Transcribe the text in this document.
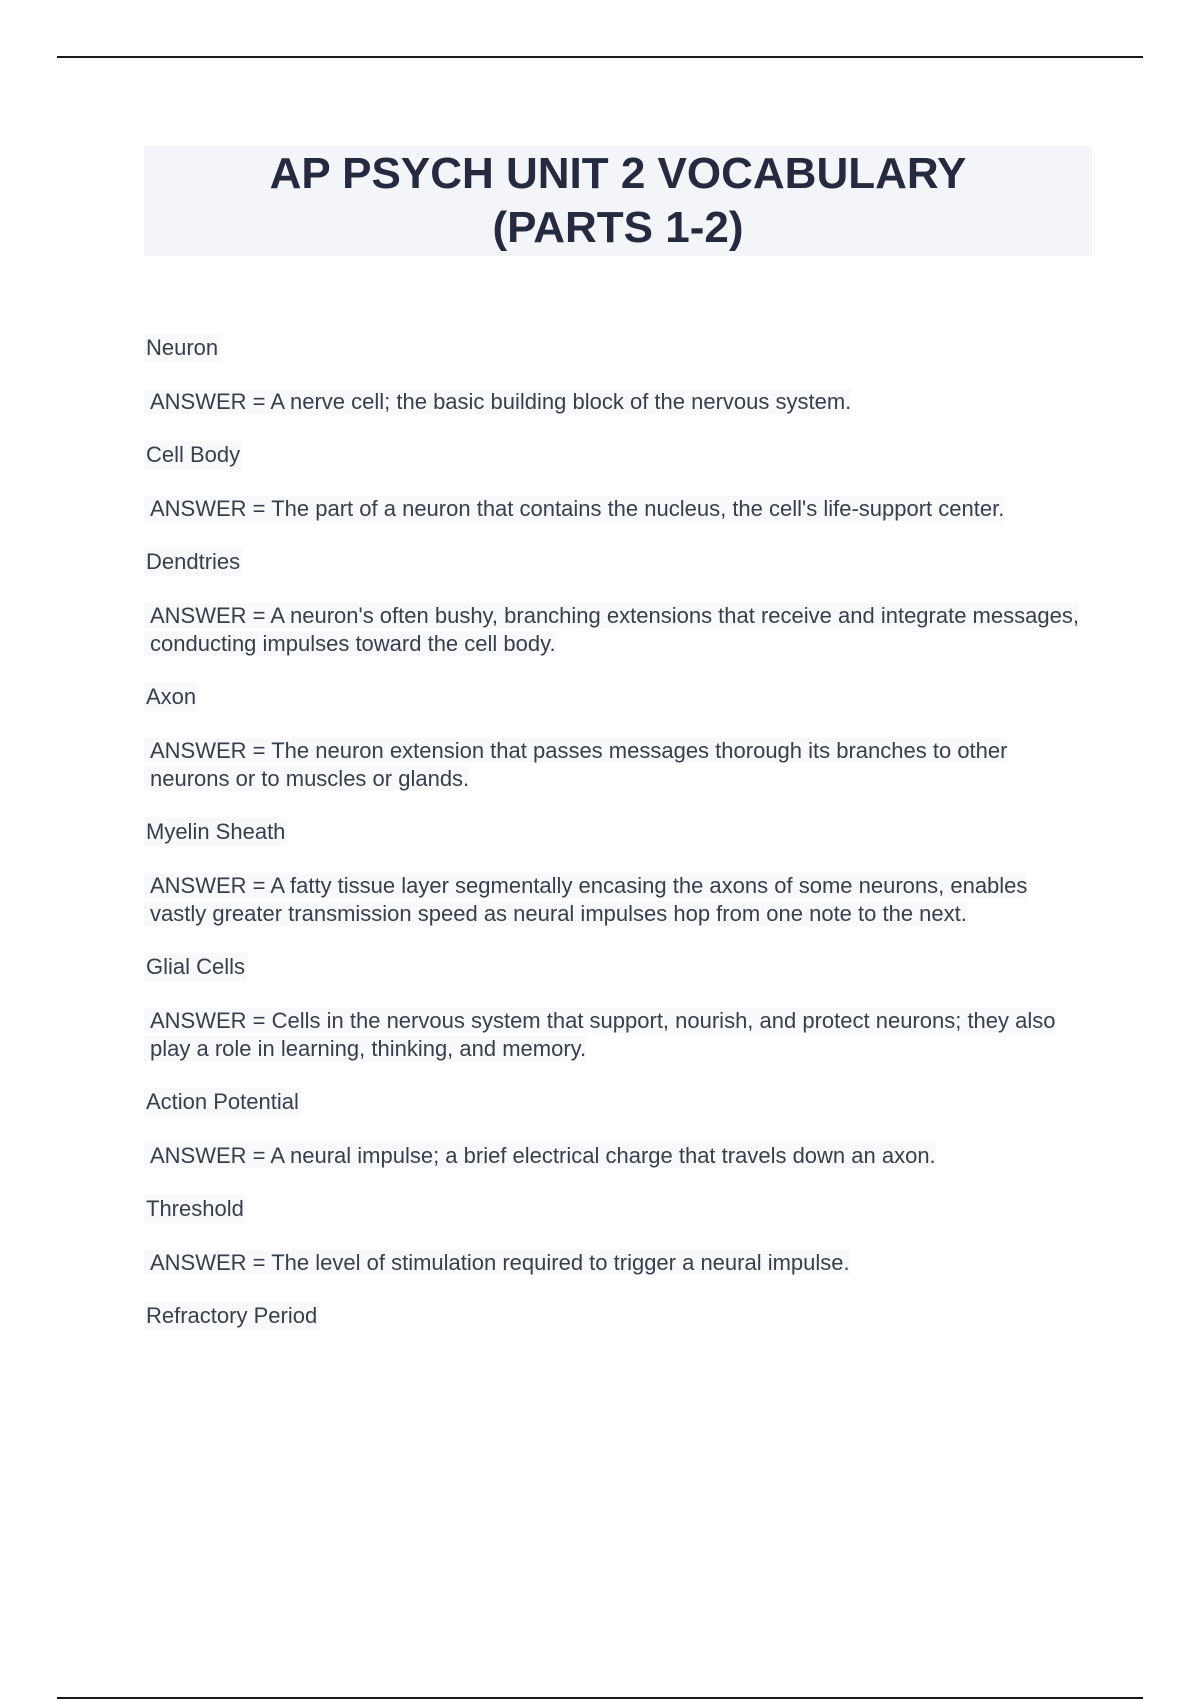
AP PSYCH UNIT 2 VOCABULARY (PARTS 1-2)
Neuron
ANSWER = A nerve cell; the basic building block of the nervous system.
Cell Body
ANSWER = The part of a neuron that contains the nucleus, the cell's life-support center.
Dendtries
ANSWER = A neuron's often bushy, branching extensions that receive and integrate messages, conducting impulses toward the cell body.
Axon
ANSWER = The neuron extension that passes messages thorough its branches to other neurons or to muscles or glands.
Myelin Sheath
ANSWER = A fatty tissue layer segmentally encasing the axons of some neurons, enables vastly greater transmission speed as neural impulses hop from one note to the next.
Glial Cells
ANSWER = Cells in the nervous system that support, nourish, and protect neurons; they also play a role in learning, thinking, and memory.
Action Potential
ANSWER = A neural impulse; a brief electrical charge that travels down an axon.
Threshold
ANSWER = The level of stimulation required to trigger a neural impulse.
Refractory Period
